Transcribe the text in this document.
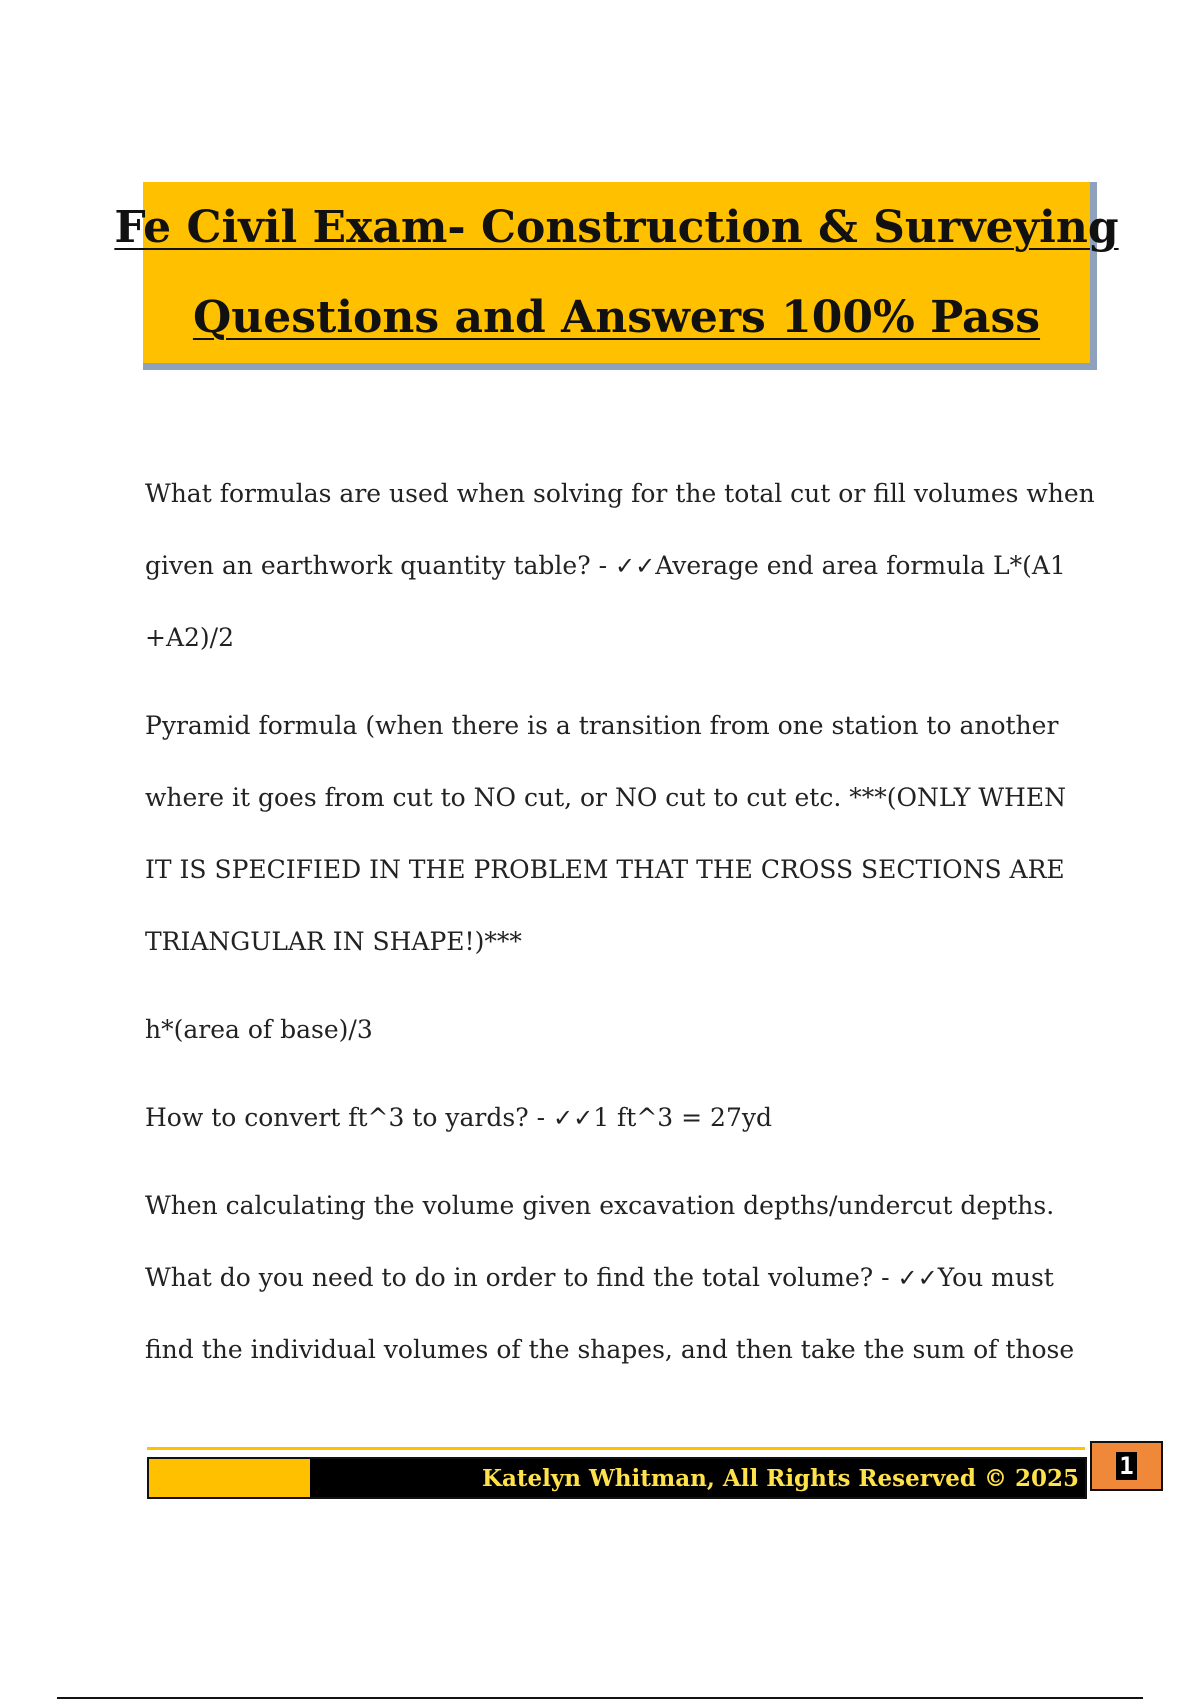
Fe Civil Exam- Construction & Surveying
Questions and Answers 100% Pass

What formulas are used when solving for the total cut or fill volumes when given an earthwork quantity table? - ✓✓Average end area formula L*(A1 +A2)/2

Pyramid formula (when there is a transition from one station to another where it goes from cut to NO cut, or NO cut to cut etc. ***(ONLY WHEN IT IS SPECIFIED IN THE PROBLEM THAT THE CROSS SECTIONS ARE TRIANGULAR IN SHAPE!)***

h*(area of base)/3

How to convert ft^3 to yards? - ✓✓1 ft^3 = 27yd

When calculating the volume given excavation depths/undercut depths. What do you need to do in order to find the total volume? - ✓✓You must find the individual volumes of the shapes, and then take the sum of those

Katelyn Whitman, All Rights Reserved © 2025 1
